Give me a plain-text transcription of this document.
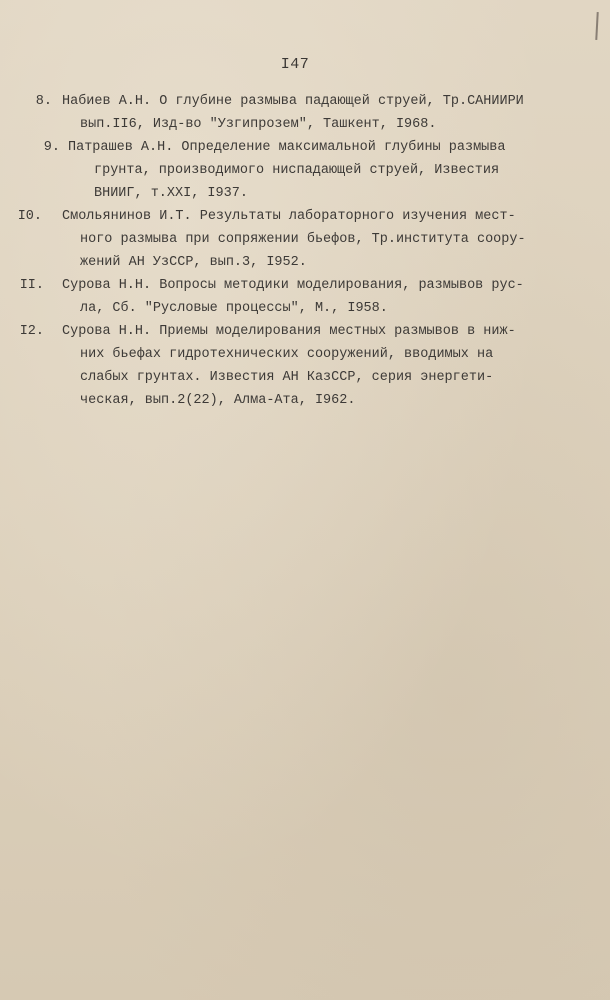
I47
8. Набиев А.Н. О глубине размыва падающей струей, Тр.САНИИРИ
вып.II6, Изд-во "Узгипрозем", Ташкент, I968.
9. Патрашев А.Н. Определение максимальной глубины размыва
грунта, производимого ниспадающей струей, Известия
ВНИИГ, т.XXI, I937.
I0.	Смольянинов И.Т. Результаты лабораторного изучения мест-
ного размыва при сопряжении бьефов, Тр.института соору-
жений АН УзССР, вып.3, I952.
II.	Сурова Н.Н. Вопросы методики моделирования, размывов рус-
ла, Сб. "Русловые процессы", М., I958.
I2.	Сурова Н.Н. Приемы моделирования местных размывов в ниж-
них бьефах гидротехнических сооружений, вводимых на
слабых грунтах. Известия АН КазССР, серия энергети-
ческая, вып.2(22), Алма-Ата, I962.
